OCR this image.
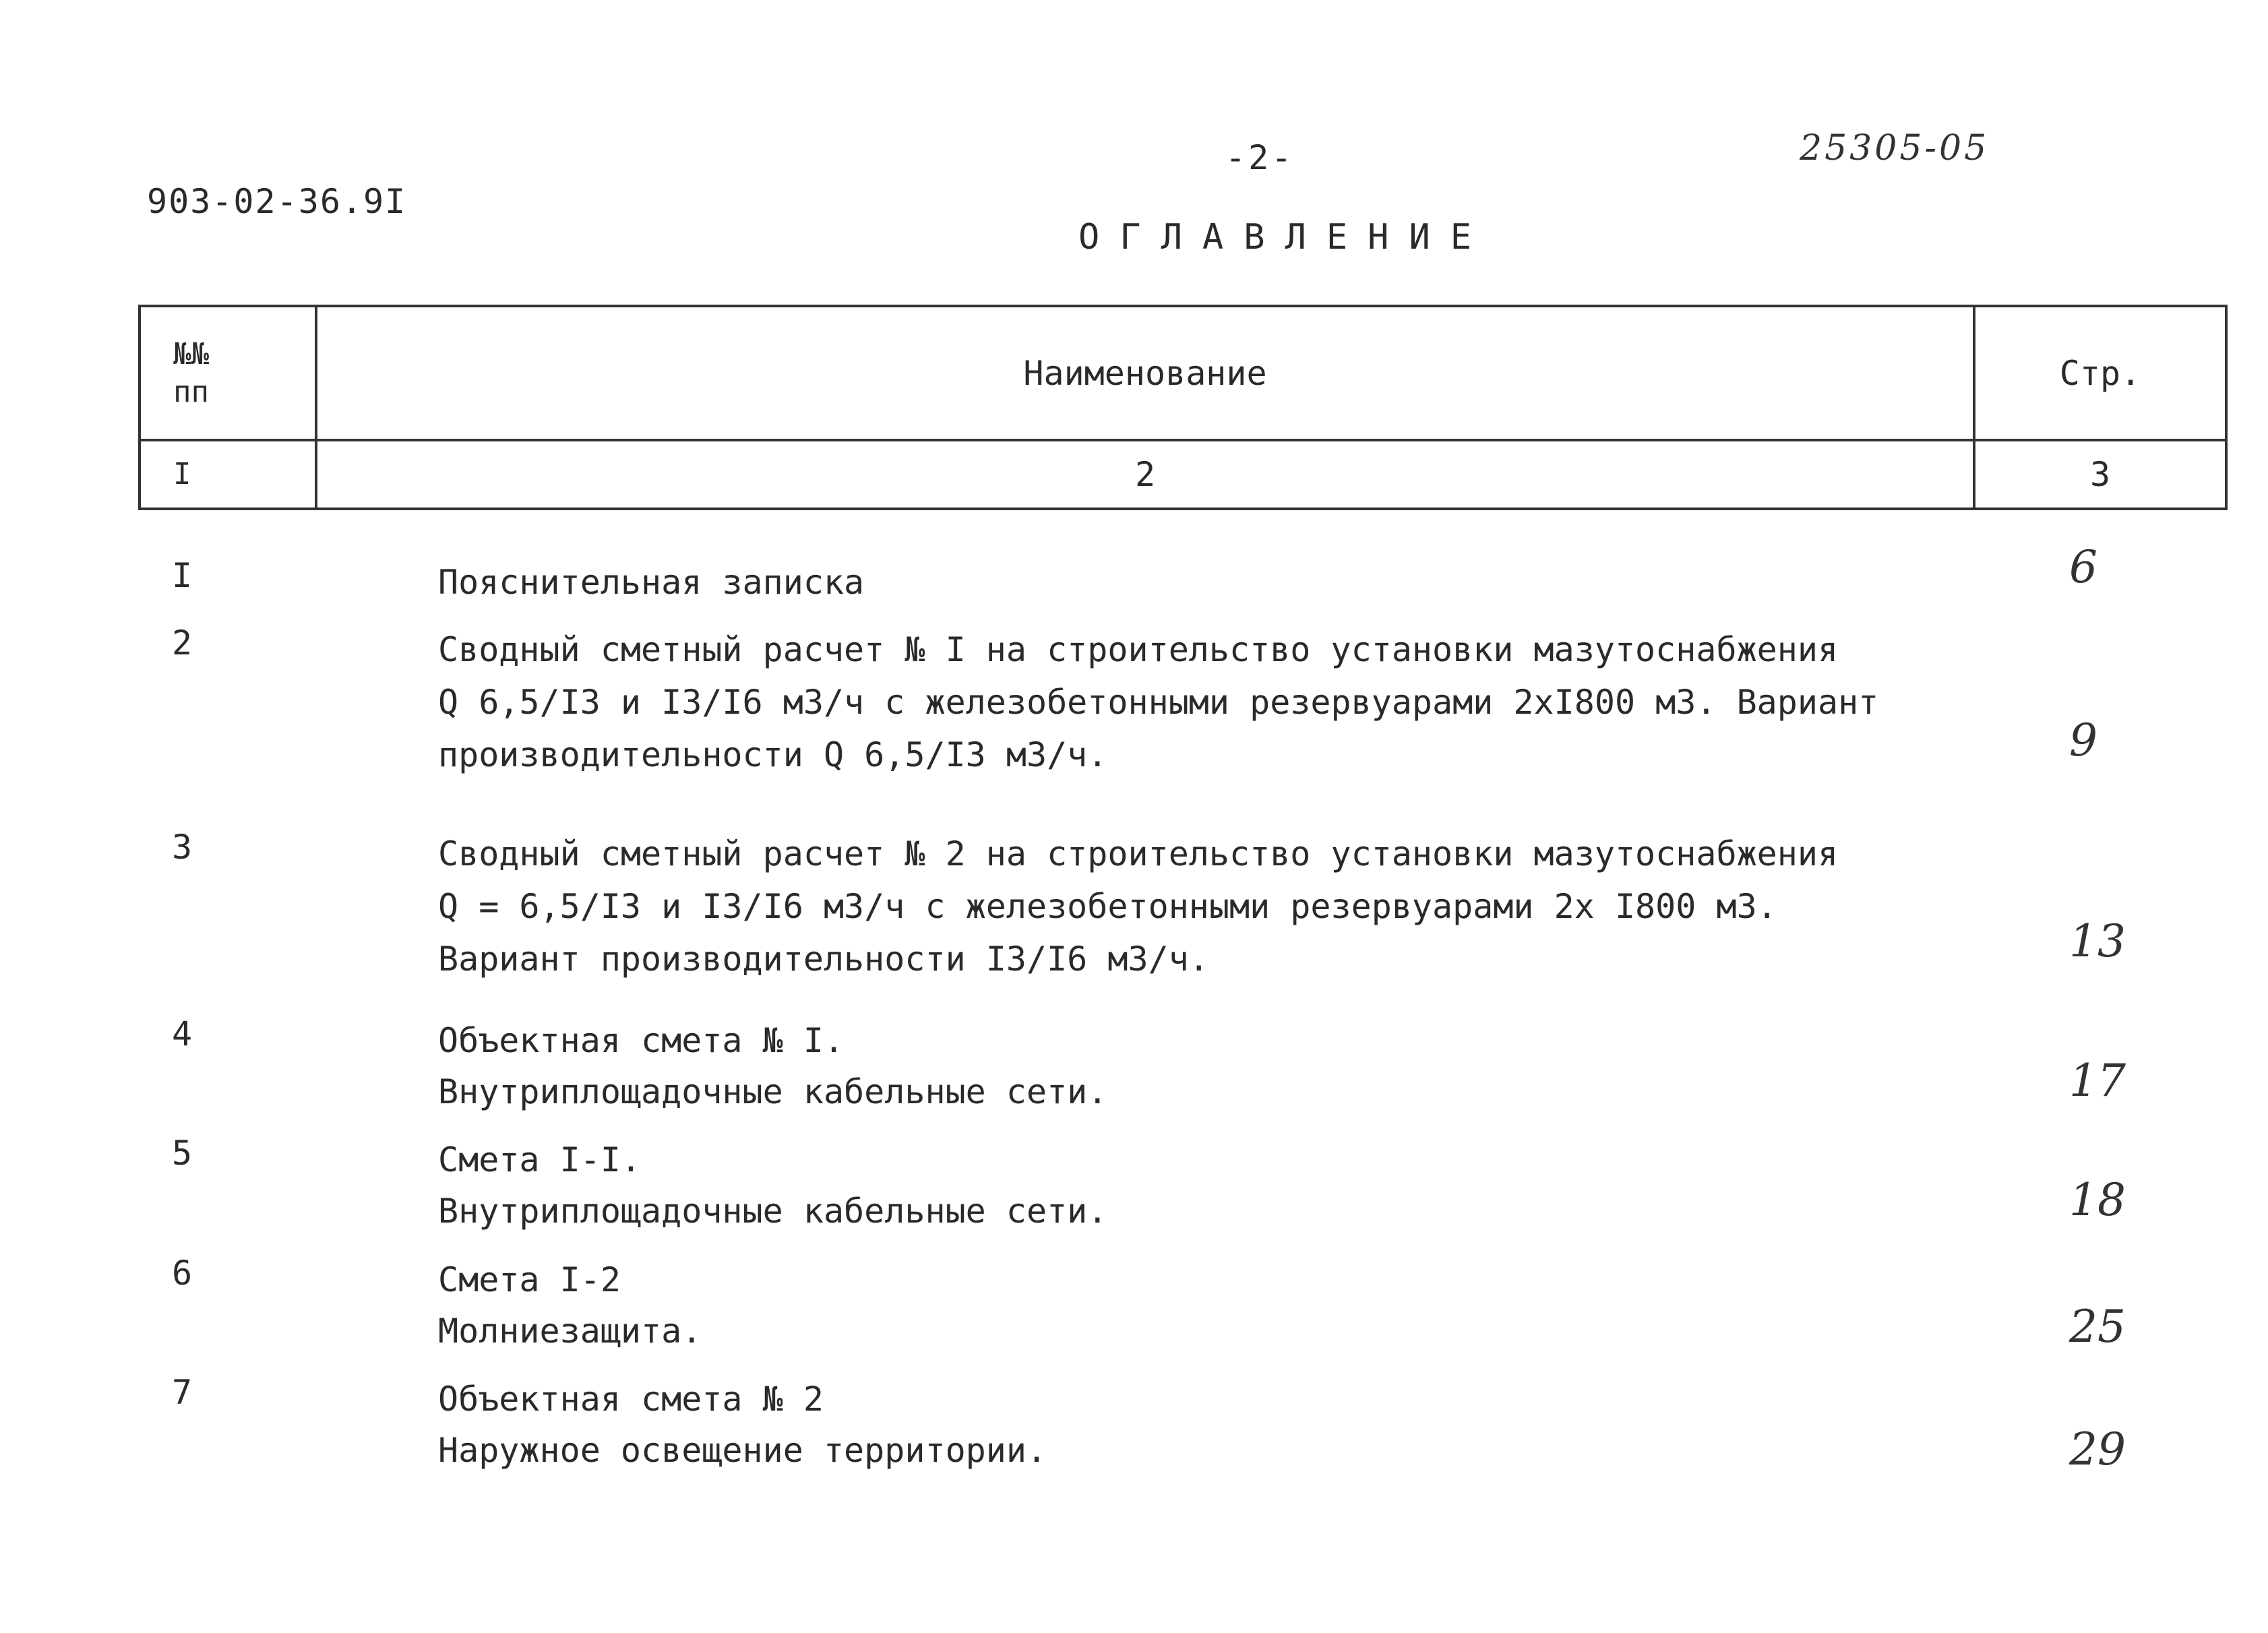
903-02-36.9I
-2-	25305-05
ОГЛАВЛЕНИЕ
№№
пп	Наименование	Стр.
I	2	3
I	Пояснительная записка	6
2	Сводный сметный расчет № I на строительство установки мазутоснабжения
Q 6,5/I3 и I3/I6 м3/ч с железобетонными резервуарами 2хI800 м3. Вариант
производительности Q 6,5/I3 м3/ч.	9
3	Сводный сметный расчет № 2 на строительство установки мазутоснабжения
Q = 6,5/I3 и I3/I6 м3/ч с железобетонными резервуарами 2х I800 м3.
Вариант производительности I3/I6 м3/ч.	13
4	Объектная смета № I.
Внутриплощадочные кабельные сети.	17
5	Смета I-I.
Внутриплощадочные кабельные сети.	18
6	Смета I-2
Молниезащита.	25
7	Объектная смета № 2
Наружное освещение территории.	29
